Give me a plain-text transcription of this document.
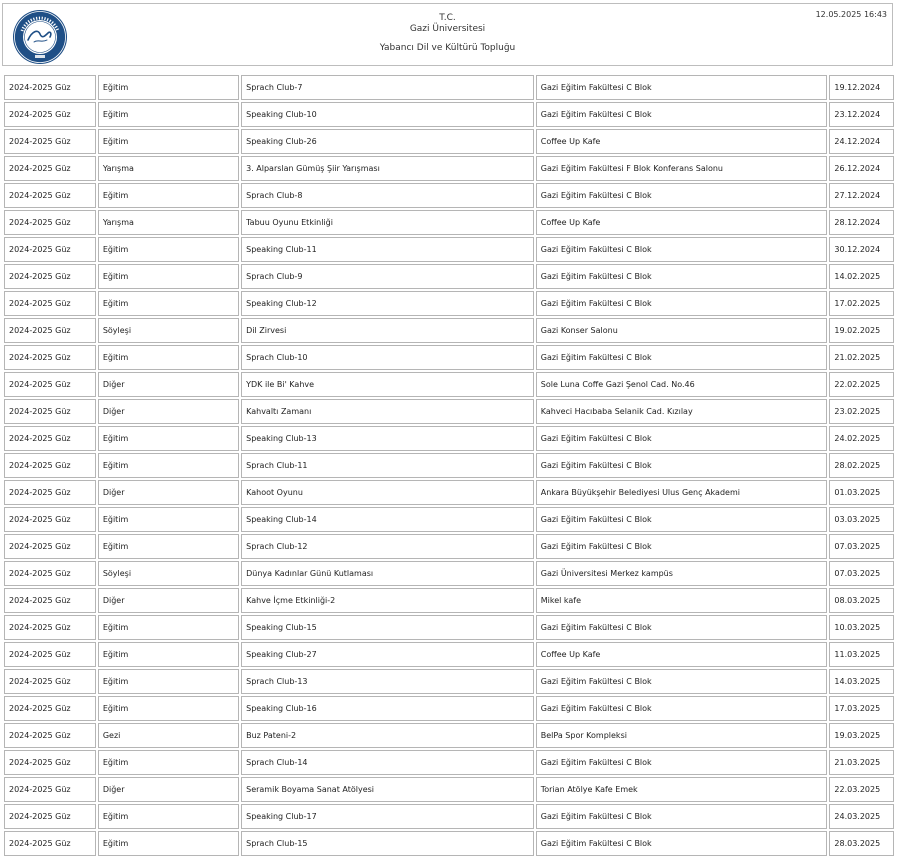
T.C.
Gazi Üniversitesi
Yabancı Dil ve Kültürü Topluğu
12.05.2025 16:43
2024-2025 Güz	Eğitim	Sprach Club-7	Gazi Eğitim Fakültesi C Blok	19.12.2024
2024-2025 Güz	Eğitim	Speaking Club-10	Gazi Eğitim Fakültesi C Blok	23.12.2024
2024-2025 Güz	Eğitim	Speaking Club-26	Coffee Up Kafe	24.12.2024
2024-2025 Güz	Yarışma	3. Alparslan Gümüş Şiir Yarışması	Gazi Eğitim Fakültesi F Blok Konferans Salonu	26.12.2024
2024-2025 Güz	Eğitim	Sprach Club-8	Gazi Eğitim Fakültesi C Blok	27.12.2024
2024-2025 Güz	Yarışma	Tabuu Oyunu Etkinliği	Coffee Up Kafe	28.12.2024
2024-2025 Güz	Eğitim	Speaking Club-11	Gazi Eğitim Fakültesi C Blok	30.12.2024
2024-2025 Güz	Eğitim	Sprach Club-9	Gazi Eğitim Fakültesi C Blok	14.02.2025
2024-2025 Güz	Eğitim	Speaking Club-12	Gazi Eğitim Fakültesi C Blok	17.02.2025
2024-2025 Güz	Söyleşi	Dil Zirvesi	Gazi Konser Salonu	19.02.2025
2024-2025 Güz	Eğitim	Sprach Club-10	Gazi Eğitim Fakültesi C Blok	21.02.2025
2024-2025 Güz	Diğer	YDK ile Bi' Kahve	Sole Luna Coffe Gazi Şenol Cad. No.46	22.02.2025
2024-2025 Güz	Diğer	Kahvaltı Zamanı	Kahveci Hacıbaba Selanik Cad. Kızılay	23.02.2025
2024-2025 Güz	Eğitim	Speaking Club-13	Gazi Eğitim Fakültesi C Blok	24.02.2025
2024-2025 Güz	Eğitim	Sprach Club-11	Gazi Eğitim Fakültesi C Blok	28.02.2025
2024-2025 Güz	Diğer	Kahoot Oyunu	Ankara Büyükşehir Belediyesi Ulus Genç Akademi	01.03.2025
2024-2025 Güz	Eğitim	Speaking Club-14	Gazi Eğitim Fakültesi C Blok	03.03.2025
2024-2025 Güz	Eğitim	Sprach Club-12	Gazi Eğitim Fakültesi C Blok	07.03.2025
2024-2025 Güz	Söyleşi	Dünya Kadınlar Günü Kutlaması	Gazi Üniversitesi Merkez kampüs	07.03.2025
2024-2025 Güz	Diğer	Kahve İçme Etkinliği-2	Mikel kafe	08.03.2025
2024-2025 Güz	Eğitim	Speaking Club-15	Gazi Eğitim Fakültesi C Blok	10.03.2025
2024-2025 Güz	Eğitim	Speaking Club-27	Coffee Up Kafe	11.03.2025
2024-2025 Güz	Eğitim	Sprach Club-13	Gazi Eğitim Fakültesi C Blok	14.03.2025
2024-2025 Güz	Eğitim	Speaking Club-16	Gazi Eğitim Fakültesi C Blok	17.03.2025
2024-2025 Güz	Gezi	Buz Pateni-2	BelPa Spor Kompleksi	19.03.2025
2024-2025 Güz	Eğitim	Sprach Club-14	Gazi Eğitim Fakültesi C Blok	21.03.2025
2024-2025 Güz	Diğer	Seramik Boyama Sanat Atölyesi	Torian Atölye Kafe Emek	22.03.2025
2024-2025 Güz	Eğitim	Speaking Club-17	Gazi Eğitim Fakültesi C Blok	24.03.2025
2024-2025 Güz	Eğitim	Sprach Club-15	Gazi Eğitim Fakültesi C Blok	28.03.2025
